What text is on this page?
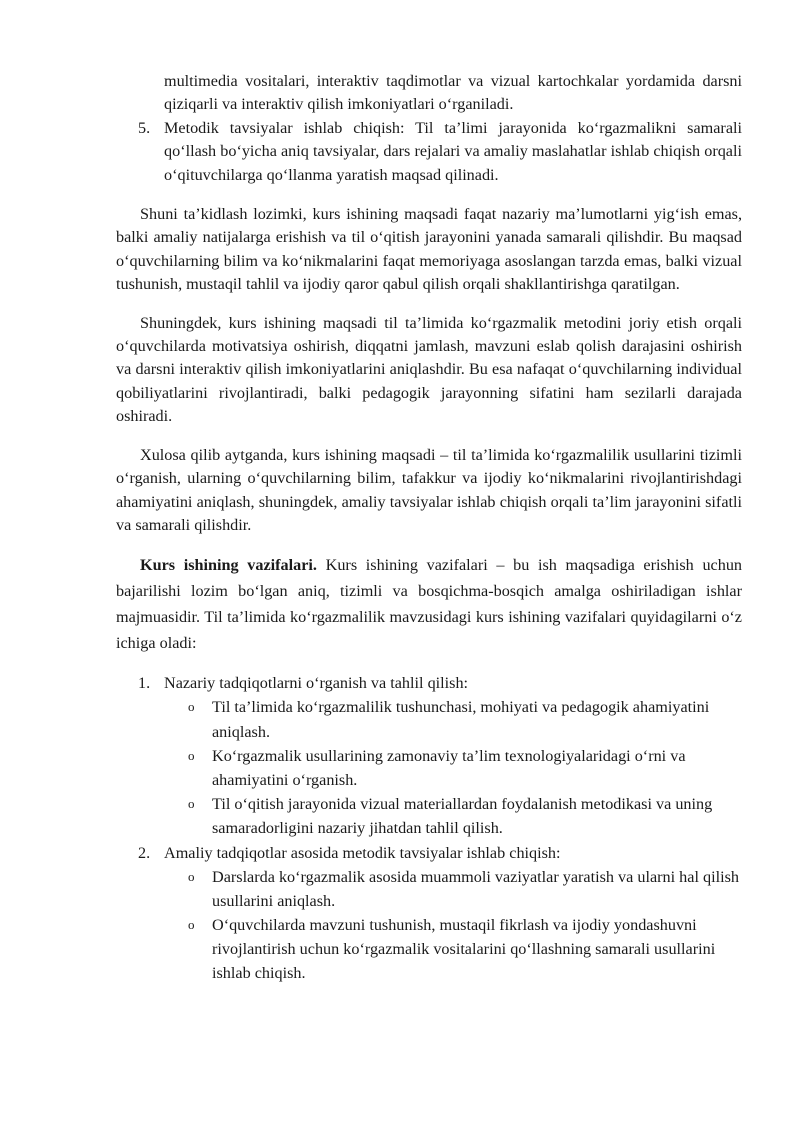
multimedia vositalari, interaktiv taqdimotlar va vizual kartochkalar yordamida darsni qiziqarli va interaktiv qilish imkoniyatlari o‘rganiladi.

5. Metodik tavsiyalar ishlab chiqish: Til ta’limi jarayonida ko‘rgazmalikni samarali qo‘llash bo‘yicha aniq tavsiyalar, dars rejalari va amaliy maslahatlar ishlab chiqish orqali o‘qituvchilarga qo‘llanma yaratish maqsad qilinadi.

Shuni ta’kidlash lozimki, kurs ishining maqsadi faqat nazariy ma’lumotlarni yig‘ish emas, balki amaliy natijalarga erishish va til o‘qitish jarayonini yanada samarali qilishdir. Bu maqsad o‘quvchilarning bilim va ko‘nikmalarini faqat memoriyaga asoslangan tarzda emas, balki vizual tushunish, mustaqil tahlil va ijodiy qaror qabul qilish orqali shakllantirishga qaratilgan.

Shuningdek, kurs ishining maqsadi til ta’limida ko‘rgazmalik metodini joriy etish orqali o‘quvchilarda motivatsiya oshirish, diqqatni jamlash, mavzuni eslab qolish darajasini oshirish va darsni interaktiv qilish imkoniyatlarini aniqlashdir. Bu esa nafaqat o‘quvchilarning individual qobiliyatlarini rivojlantiradi, balki pedagogik jarayonning sifatini ham sezilarli darajada oshiradi.

Xulosa qilib aytganda, kurs ishining maqsadi – til ta’limida ko‘rgazmalilik usullarini tizimli o‘rganish, ularning o‘quvchilarning bilim, tafakkur va ijodiy ko‘nikmalarini rivojlantirishdagi ahamiyatini aniqlash, shuningdek, amaliy tavsiyalar ishlab chiqish orqali ta’lim jarayonini sifatli va samarali qilishdir.

Kurs ishining vazifalari. Kurs ishining vazifalari – bu ish maqsadiga erishish uchun bajarilishi lozim bo‘lgan aniq, tizimli va bosqichma-bosqich amalga oshiriladigan ishlar majmuasidir. Til ta’limida ko‘rgazmalilik mavzusidagi kurs ishining vazifalari quyidagilarni o‘z ichiga oladi:

1. Nazariy tadqiqotlarni o‘rganish va tahlil qilish:
o Til ta’limida ko‘rgazmalilik tushunchasi, mohiyati va pedagogik ahamiyatini aniqlash.
o Ko‘rgazmalik usullarining zamonaviy ta’lim texnologiyalaridagi o‘rni va ahamiyatini o‘rganish.
o Til o‘qitish jarayonida vizual materiallardan foydalanish metodikasi va uning samaradorligini nazariy jihatdan tahlil qilish.
2. Amaliy tadqiqotlar asosida metodik tavsiyalar ishlab chiqish:
o Darslarda ko‘rgazmalik asosida muammoli vaziyatlar yaratish va ularni hal qilish usullarini aniqlash.
o O‘quvchilarda mavzuni tushunish, mustaqil fikrlash va ijodiy yondashuvni rivojlantirish uchun ko‘rgazmalik vositalarini qo‘llashning samarali usullarini ishlab chiqish.
